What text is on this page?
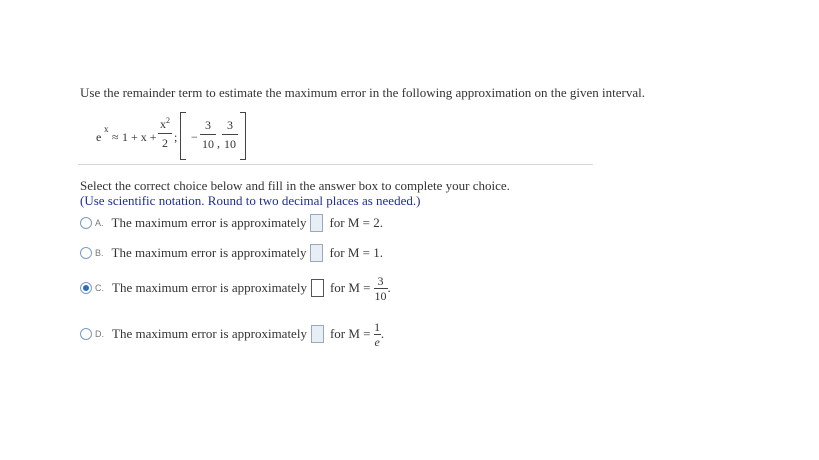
Use the remainder term to estimate the maximum error in the following approximation on the given interval.
e
x
≈ 1 + x +
$x^2$
2 ; −
3
10 ,
3
10
Select the correct choice below and fill in the answer box to complete your choice.
(Use scientific notation. Round to two decimal places as needed.)
A. The maximum error is approximately for M = 2.
B. The maximum error is approximately for M = 1.
C. The maximum error is approximately for $M = \frac{3}{10}$ .
D. The maximum error is approximately for $M = \frac{1}{e}$ .
